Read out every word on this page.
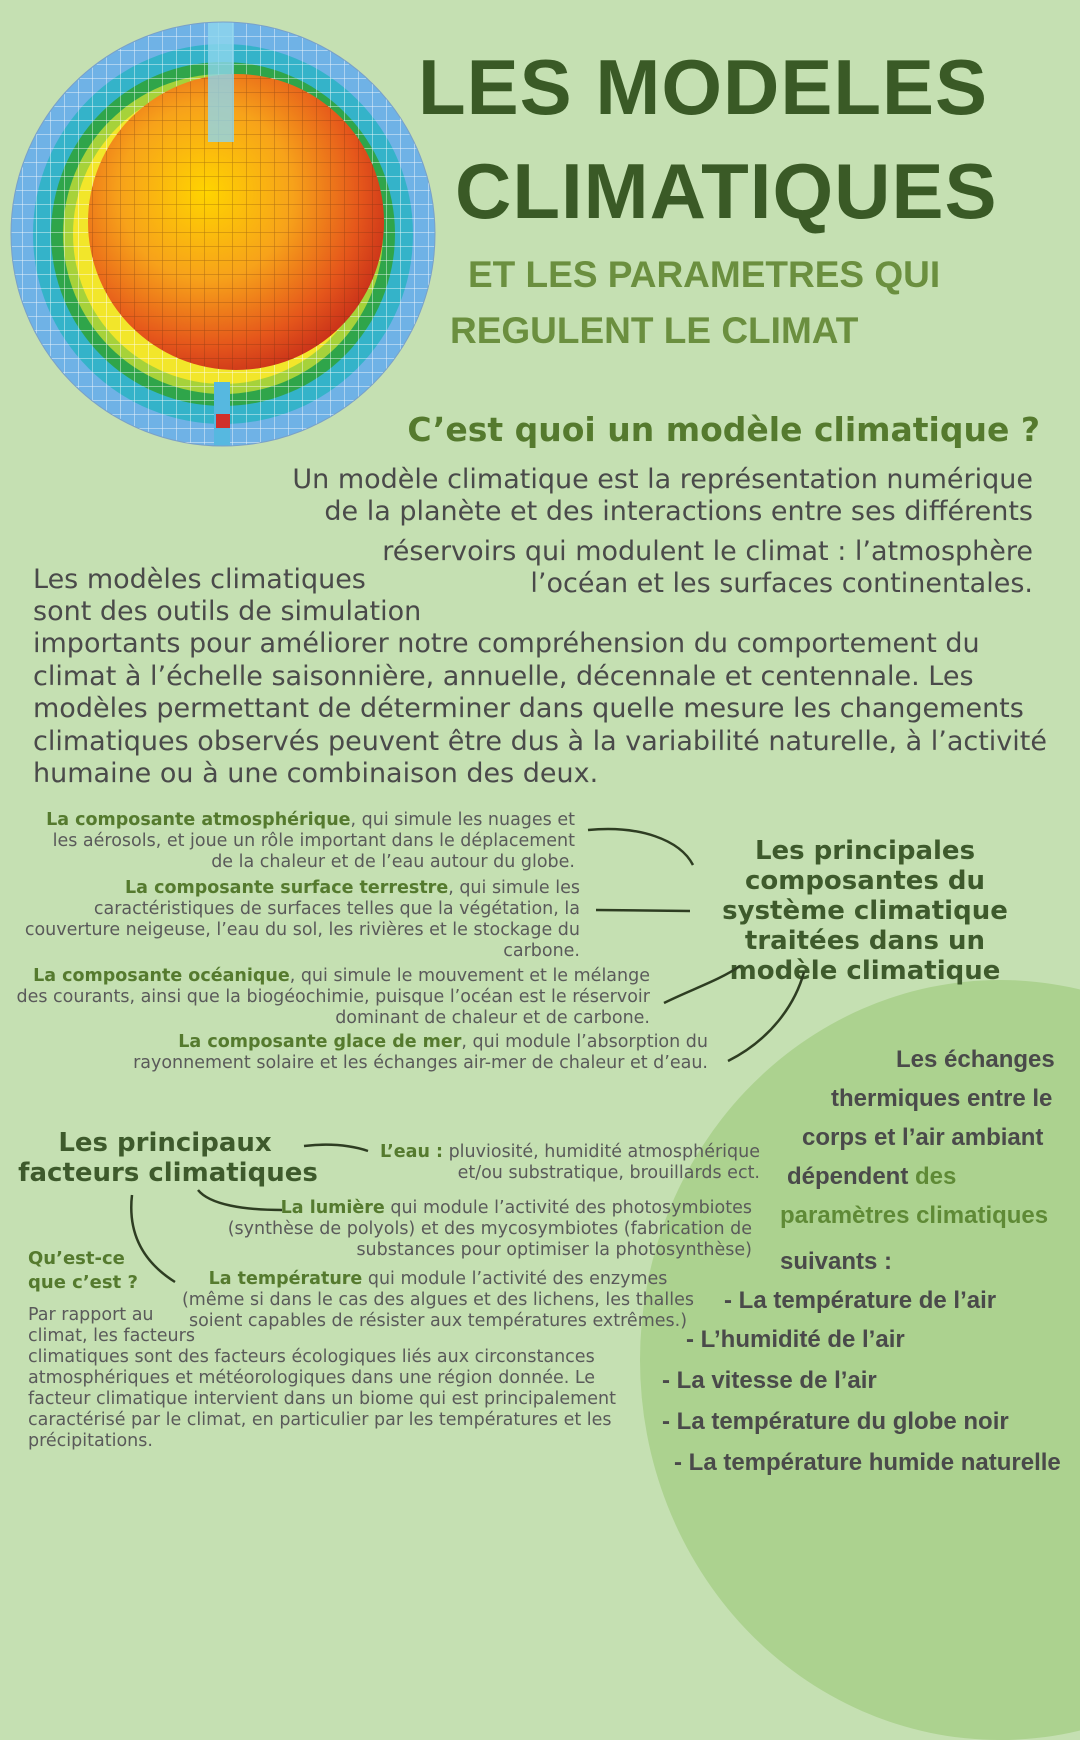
LES MODELES
CLIMATIQUES
ET LES PARAMETRES QUI
REGULENT LE CLIMAT
C’est quoi un modèle climatique ?
Un modèle climatique est la représentation numérique
de la planète et des interactions entre ses différents
réservoirs qui modulent le climat : l’atmosphère
l’océan et les surfaces continentales.
Les modèles climatiques
sont des outils de simulation
importants pour améliorer notre compréhension du comportement du climat à l’échelle saisonnière, annuelle, décennale et centennale. Les modèles permettant de déterminer dans quelle mesure les changements climatiques observés peuvent être dus à la variabilité naturelle, à l’activité humaine ou à une combinaison des deux.
La composante atmosphérique, qui simule les nuages et les aérosols, et joue un rôle important dans le déplacement de la chaleur et de l’eau autour du globe.
La composante surface terrestre, qui simule les caractéristiques de surfaces telles que la végétation, la couverture neigeuse, l’eau du sol, les rivières et le stockage du carbone.
La composante océanique, qui simule le mouvement et le mélange des courants, ainsi que la biogéochimie, puisque l’océan est le réservoir dominant de chaleur et de carbone.
La composante glace de mer, qui module l’absorption du rayonnement solaire et les échanges air-mer de chaleur et d’eau.
Les principales composantes du système climatique traitées dans un modèle climatique
Les principaux
facteurs climatiques
L’eau : pluviosité, humidité atmosphérique et/ou substratique, brouillards ect.
La lumière qui module l’activité des photosymbiotes (synthèse de polyols) et des mycosymbiotes (fabrication de substances pour optimiser la photosynthèse)
La température qui module l’activité des enzymes (même si dans le cas des algues et des lichens, les thalles soient capables de résister aux températures extrêmes.)
Qu’est-ce
que c’est ?
Par rapport au
climat, les facteurs
climatiques sont des facteurs écologiques liés aux circonstances atmosphériques et météorologiques dans une région donnée. Le facteur climatique intervient dans un biome qui est principalement caractérisé par le climat, en particulier par les températures et les précipitations.
Les échanges
thermiques entre le
corps et l’air ambiant
dépendent des
paramètres climatiques
suivants :
- La température de l’air
- L’humidité de l’air
- La vitesse de l’air
- La température du globe noir
- La température humide naturelle
